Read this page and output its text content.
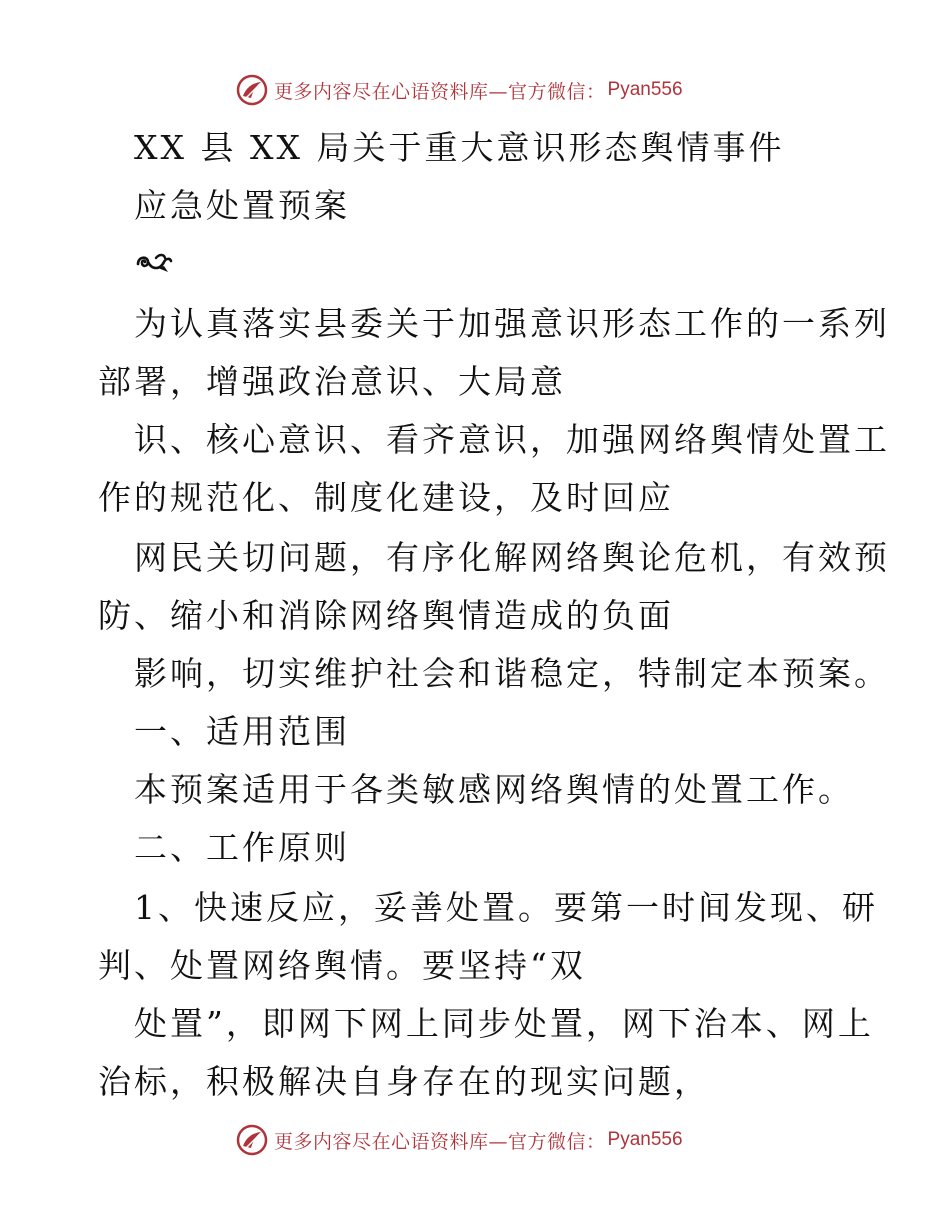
更多内容尽在心语资料库—官方微信： Pyan556
XX 县 XX 局关于重大意识形态舆情事件
应急处置预案
为认真落实县委关于加强意识形态工作的一系列
部署，增强政治意识、大局意
识、核心意识、看齐意识，加强网络舆情处置工
作的规范化、制度化建设，及时回应
网民关切问题，有序化解网络舆论危机，有效预
防、缩小和消除网络舆情造成的负面
影响，切实维护社会和谐稳定，特制定本预案。
一、适用范围
本预案适用于各类敏感网络舆情的处置工作。
二、工作原则
1、快速反应，妥善处置。要第一时间发现、研
判、处置网络舆情。要坚持“双
处置”，即网下网上同步处置，网下治本、网上
治标，积极解决自身存在的现实问题，
更多内容尽在心语资料库—官方微信： Pyan556
